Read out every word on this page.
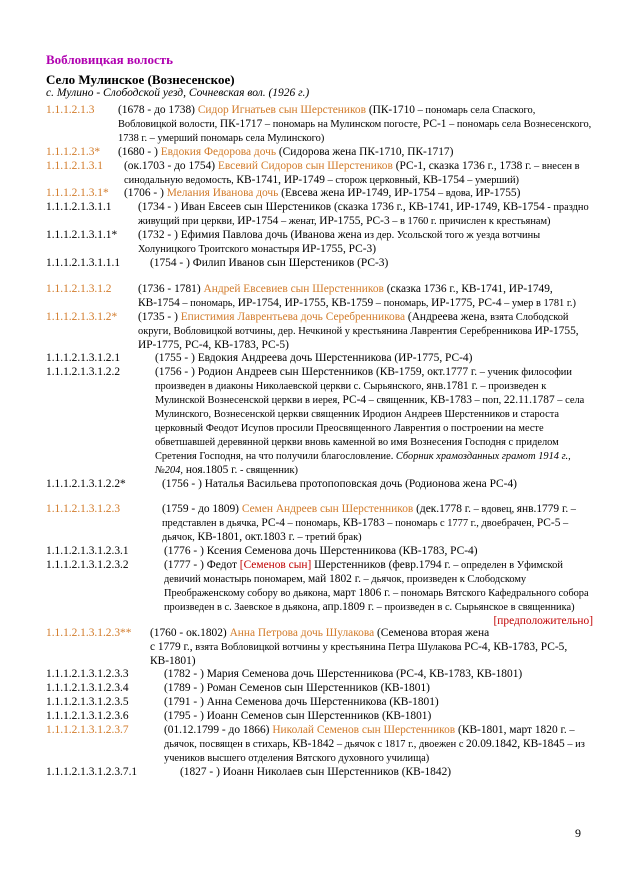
Вобловицкая волость
Село Мулинское (Вознесенское)
с. Мулино - Слободской уезд, Сочневская вол. (1926 г.)
1.1.1.2.1.3 (1678 - до 1738) Сидор Игнатьев сын Шерстеников (ПК-1710 – пономарь села Спаского, Вобловицкой волости, ПК-1717 – пономарь на Мулинском погосте, РС-1 – пономарь села Вознесенского, 1738 г. – умерший пономарь села Мулинского)
1.1.1.2.1.3* (1680 - ) Евдокия Федорова дочь (Сидорова жена ПК-1710, ПК-1717)
1.1.1.2.1.3.1 (ок.1703 - до 1754) Евсевий Сидоров сын Шерстеников (РС-1, сказка 1736 г., 1738 г. – внесен в синодальную ведомость, КВ-1741, ИР-1749 – сторож церковный, КВ-1754 – умерший)
1.1.1.2.1.3.1* (1706 - ) Мелания Иванова дочь (Евсева жена ИР-1749, ИР-1754 – вдова, ИР-1755)
1.1.1.2.1.3.1.1 (1734 - ) Иван Евсеев сын Шерстеников (сказка 1736 г., КВ-1741, ИР-1749, КВ-1754 - праздно живущий при церкви, ИР-1754 – женат, ИР-1755, РС-3 – в 1760 г. причислен к крестьянам)
1.1.1.2.1.3.1.1* (1732 - ) Ефимия Павлова дочь (Иванова жена из дер. Усольской того ж уезда вотчины Холуницкого Троитского монастыря ИР-1755, РС-3)
1.1.1.2.1.3.1.1.1	(1754 - ) Филип Иванов сын Шерстеников (РС-3)
1.1.1.2.1.3.1.2 (1736 - 1781) Андрей Евсевиев сын Шерстенников (сказка 1736 г., КВ-1741, ИР-1749, КВ-1754 – пономарь, ИР-1754, ИР-1755, КВ-1759 – пономарь, ИР-1775, РС-4 – умер в 1781 г.)
1.1.1.2.1.3.1.2* (1735 - ) Епистимия Лаврентьева дочь Серебренникова (Андреева жена, взята Слободской округи, Вобловицкой вотчины, дер. Нечкиной у крестьянина Лаврентия Серебренникова ИР-1755, ИР-1775, РС-4, КВ-1783, РС-5)
1.1.1.2.1.3.1.2.1	(1755 - ) Евдокия Андреева дочь Шерстенникова (ИР-1775, РС-4)
1.1.1.2.1.3.1.2.2	(1756 - ) Родион Андреев сын Шерстенников (КВ-1759, окт.1777 г. – ученик философии произведен в диаконы Николаевской церкви с. Сырьянского, янв.1781 г. – произведен к Мулинской Вознесенской церкви в иерея, РС-4 – священник, КВ-1783 – поп, 22.11.1787 – села Мулинского, Вознесенской церкви священник Иродион Андреев Шерстенников и староста церковный Феодот Исупов просили Преосвященного Лаврентия о построении на месте обветшавшей деревянной церкви вновь каменной во имя Вознесения Господня с приделом Сретения Господня, на что получили благословление. Сборник храмозданных грамот 1914 г., №204, ноя.1805 г. - священник)
1.1.1.2.1.3.1.2.2*	(1756 - ) Наталья Васильева протопоповская дочь (Родионова жена РС-4)
1.1.1.2.1.3.1.2.3	(1759 - до 1809) Семен Андреев сын Шерстенников (дек.1778 г. – вдовец, янв.1779 г. – представлен в дьячка, РС-4 – пономарь, КВ-1783 – пономарь с 1777 г., двоебрачен, РС-5 – дьячок, КВ-1801, окт.1803 г. – третий брак)
1.1.1.2.1.3.1.2.3.1	(1776 - ) Ксения Семенова дочь Шерстенникова (КВ-1783, РС-4)
1.1.1.2.1.3.1.2.3.2	(1777 - ) Федот [Семенов сын] Шерстенников (февр.1794 г. – определен в Уфимской девичий монастырь пономарем, май 1802 г. – дьячок, произведен к Слободскому Преображенскому собору во дьякона, март 1806 г. – пономарь Вятского Кафедрального собора произведен в с. Заевское в дьякона, апр.1809 г. – произведен в с. Сырьянское в священника)
[предположительно]
1.1.1.2.1.3.1.2.3** (1760 - ок.1802) Анна Петрова дочь Шулакова (Семенова вторая жена с 1779 г., взята Вобловицкой вотчины у крестьянина Петра Шулакова РС-4, КВ-1783, РС-5, КВ-1801)
1.1.1.2.1.3.1.2.3.3	(1782 - ) Мария Семенова дочь Шерстенникова (РС-4, КВ-1783, КВ-1801)
1.1.1.2.1.3.1.2.3.4	(1789 - ) Роман Семенов сын Шерстенников (КВ-1801)
1.1.1.2.1.3.1.2.3.5	(1791 - ) Анна Семенова дочь Шерстенникова (КВ-1801)
1.1.1.2.1.3.1.2.3.6	(1795 - ) Иоанн Семенов сын Шерстенников (КВ-1801)
1.1.1.2.1.3.1.2.3.7	(01.12.1799 - до 1866) Николай Семенов сын Шерстенников (КВ-1801, март 1820 г. – дьячок, посвящен в стихарь, КВ-1842 – дьячок с 1817 г., двоежен с 20.09.1842, КВ-1845 – из учеников высшего отделения Вятского духовного училища)
1.1.1.2.1.3.1.2.3.7.1	(1827 - ) Иоанн Николаев сын Шерстенников (КВ-1842)
9
